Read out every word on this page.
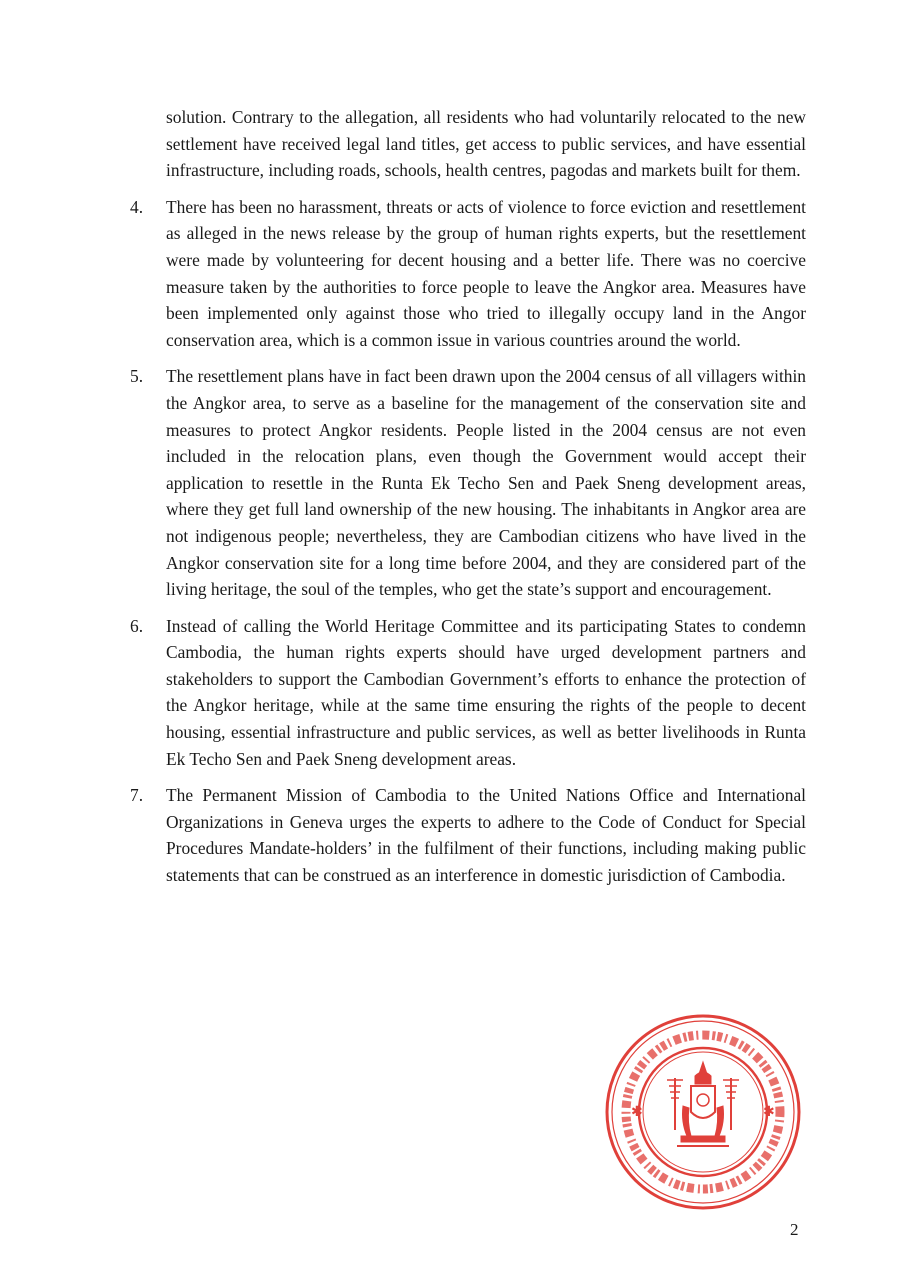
solution. Contrary to the allegation, all residents who had voluntarily relocated to the new settlement have received legal land titles, get access to public services, and have essential infrastructure, including roads, schools, health centres, pagodas and markets built for them.

4. There has been no harassment, threats or acts of violence to force eviction and resettlement as alleged in the news release by the group of human rights experts, but the resettlement were made by volunteering for decent housing and a better life. There was no coercive measure taken by the authorities to force people to leave the Angkor area. Measures have been implemented only against those who tried to illegally occupy land in the Angor conservation area, which is a common issue in various countries around the world.
5. The resettlement plans have in fact been drawn upon the 2004 census of all villagers within the Angkor area, to serve as a baseline for the management of the conservation site and measures to protect Angkor residents. People listed in the 2004 census are not even included in the relocation plans, even though the Government would accept their application to resettle in the Runta Ek Techo Sen and Paek Sneng development areas, where they get full land ownership of the new housing. The inhabitants in Angkor area are not indigenous people; nevertheless, they are Cambodian citizens who have lived in the Angkor conservation site for a long time before 2004, and they are considered part of the living heritage, the soul of the temples, who get the state’s support and encouragement.
6. Instead of calling the World Heritage Committee and its participating States to condemn Cambodia, the human rights experts should have urged development partners and stakeholders to support the Cambodian Government’s efforts to enhance the protection of the Angkor heritage, while at the same time ensuring the rights of the people to decent housing, essential infrastructure and public services, as well as better livelihoods in Runta Ek Techo Sen and Paek Sneng development areas.
7. The Permanent Mission of Cambodia to the United Nations Office and International Organizations in Geneva urges the experts to adhere to the Code of Conduct for Special Procedures Mandate-holders’ in the fulfilment of their functions, including making public statements that can be construed as an interference in domestic jurisdiction of Cambodia.
✱	✱
2
